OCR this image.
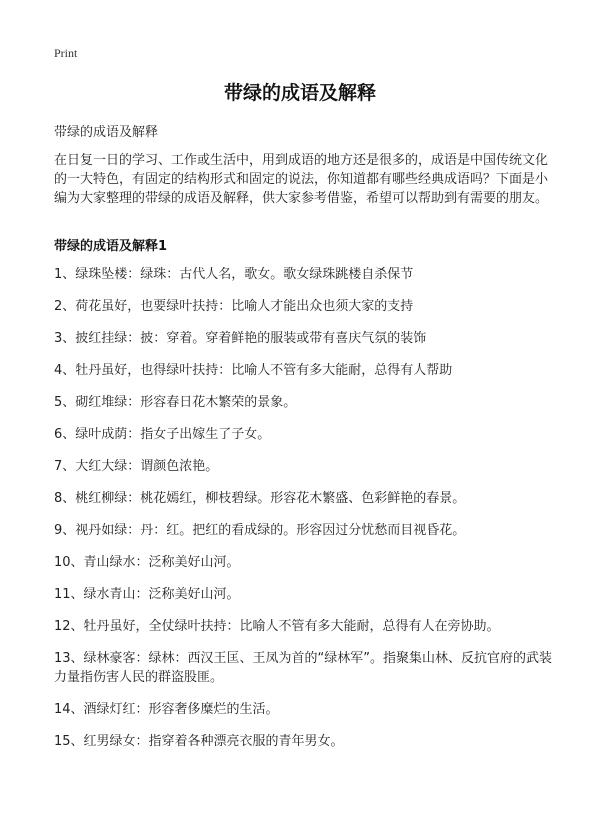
Print
带绿的成语及解释
带绿的成语及解释

在日复一日的学习、工作或生活中，用到成语的地方还是很多的，成语是中国传统文化的一大特色，有固定的结构形式和固定的说法，你知道都有哪些经典成语吗？下面是小编为大家整理的带绿的成语及解释，供大家参考借鉴，希望可以帮助到有需要的朋友。

带绿的成语及解释1
1、绿珠坠楼：绿珠：古代人名，歌女。歌女绿珠跳楼自杀保节
2、荷花虽好，也要绿叶扶持：比喻人才能出众也须大家的支持
3、披红挂绿：披：穿着。穿着鲜艳的服装或带有喜庆气氛的装饰
4、牡丹虽好，也得绿叶扶持：比喻人不管有多大能耐，总得有人帮助
5、砌红堆绿：形容春日花木繁荣的景象。
6、绿叶成荫：指女子出嫁生了子女。
7、大红大绿：谓颜色浓艳。
8、桃红柳绿：桃花嫣红，柳枝碧绿。形容花木繁盛、色彩鲜艳的春景。
9、视丹如绿：丹：红。把红的看成绿的。形容因过分忧愁而目视昏花。
10、青山绿水：泛称美好山河。
11、绿水青山：泛称美好山河。
12、牡丹虽好，全仗绿叶扶持：比喻人不管有多大能耐，总得有人在旁协助。
13、绿林豪客：绿林：西汉王匡、王凤为首的“绿林军”。指聚集山林、反抗官府的武装力量指伤害人民的群盗股匪。
14、酒绿灯红：形容奢侈糜烂的生活。
15、红男绿女：指穿着各种漂亮衣服的青年男女。
